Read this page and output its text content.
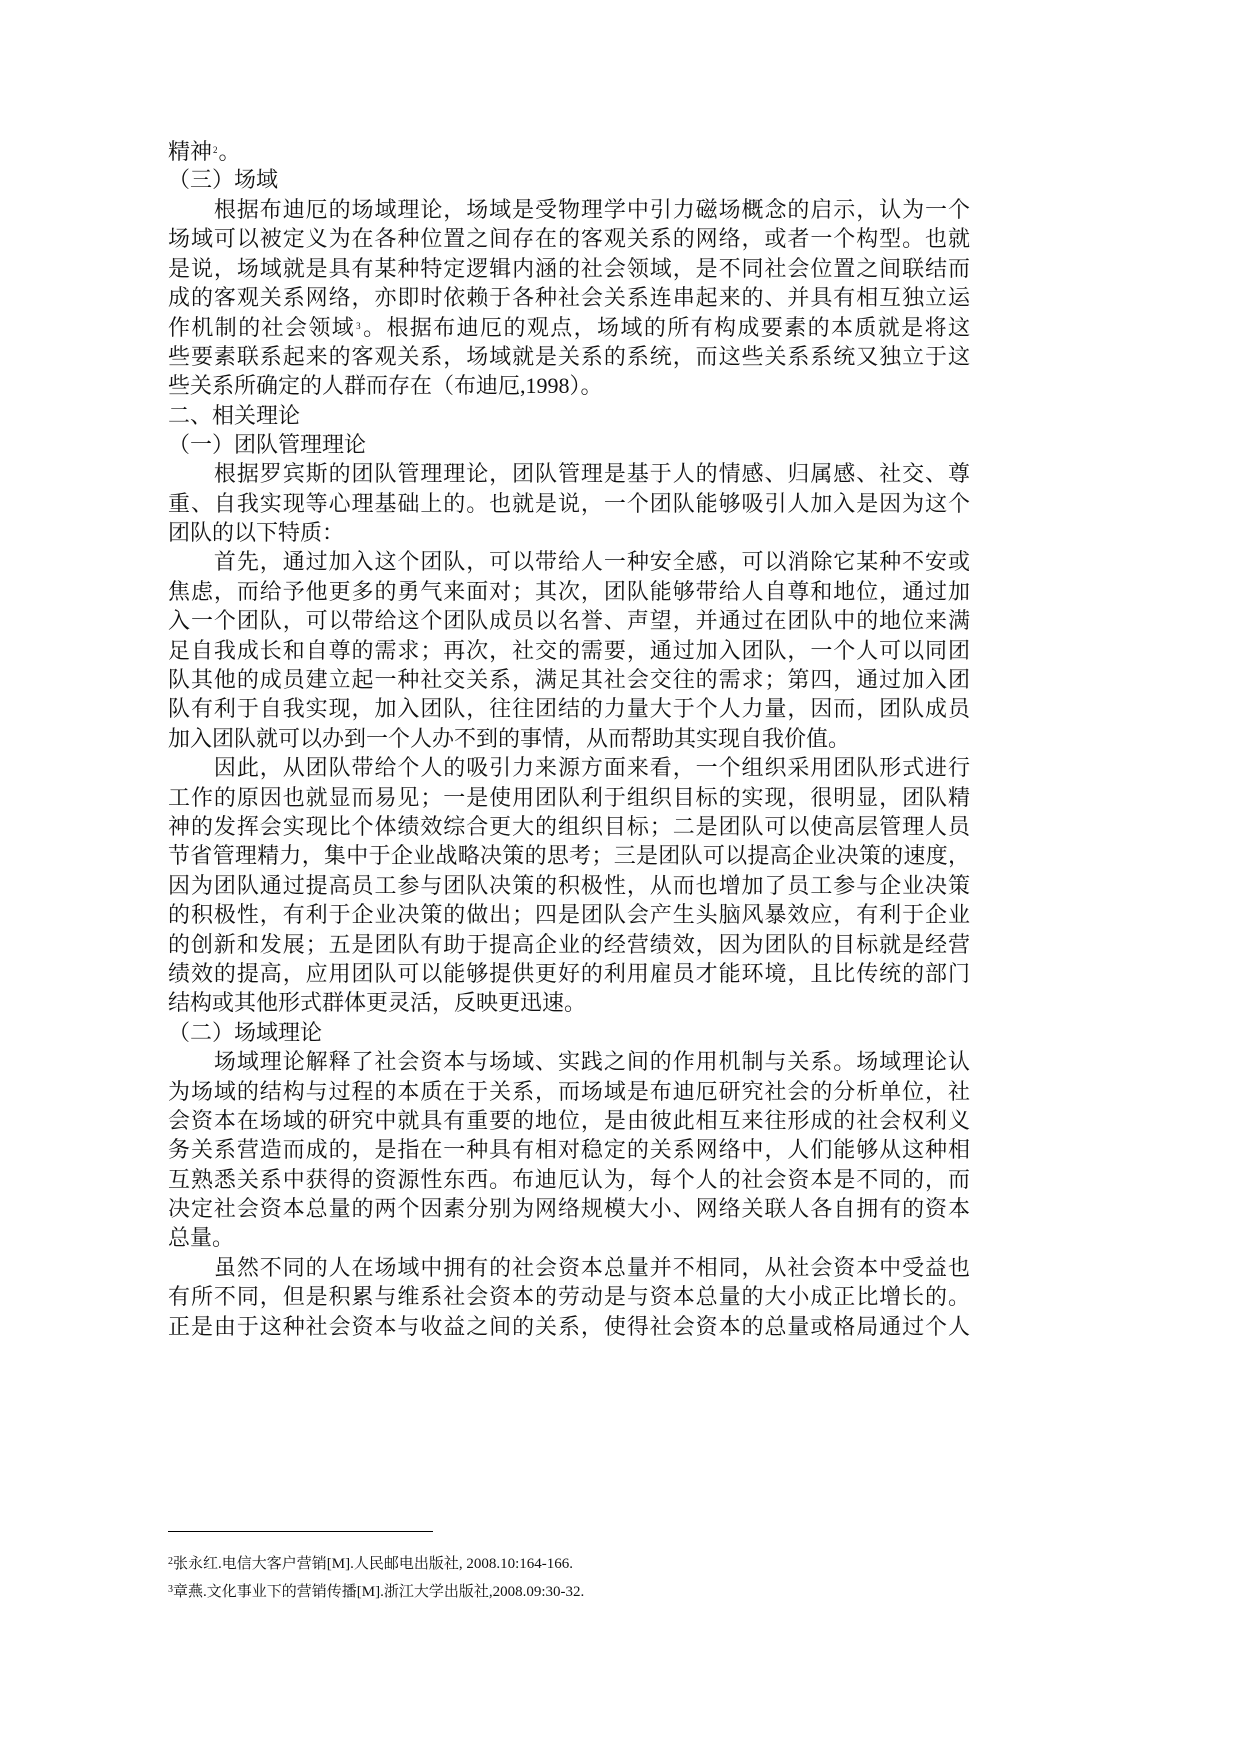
精神$^2$。
（三）场域
　　根据布迪厄的场域理论，场域是受物理学中引力磁场概念的启示，认为一个
场域可以被定义为在各种位置之间存在的客观关系的网络，或者一个构型。也就
是说，场域就是具有某种特定逻辑内涵的社会领域，是不同社会位置之间联结而
成的客观关系网络，亦即时依赖于各种社会关系连串起来的、并具有相互独立运
作机制的社会领域$^3$。根据布迪厄的观点，场域的所有构成要素的本质就是将这
些要素联系起来的客观关系，场域就是关系的系统，而这些关系系统又独立于这
些关系所确定的人群而存在（布迪厄,1998）。
二、相关理论
（一）团队管理理论
　　根据罗宾斯的团队管理理论，团队管理是基于人的情感、归属感、社交、尊
重、自我实现等心理基础上的。也就是说，一个团队能够吸引人加入是因为这个
团队的以下特质：
　　首先，通过加入这个团队，可以带给人一种安全感，可以消除它某种不安或
焦虑，而给予他更多的勇气来面对；其次，团队能够带给人自尊和地位，通过加
入一个团队，可以带给这个团队成员以名誉、声望，并通过在团队中的地位来满
足自我成长和自尊的需求；再次，社交的需要，通过加入团队，一个人可以同团
队其他的成员建立起一种社交关系，满足其社会交往的需求；第四，通过加入团
队有利于自我实现，加入团队，往往团结的力量大于个人力量，因而，团队成员
加入团队就可以办到一个人办不到的事情，从而帮助其实现自我价值。
　　因此，从团队带给个人的吸引力来源方面来看，一个组织采用团队形式进行
工作的原因也就显而易见；一是使用团队利于组织目标的实现，很明显，团队精
神的发挥会实现比个体绩效综合更大的组织目标；二是团队可以使高层管理人员
节省管理精力，集中于企业战略决策的思考；三是团队可以提高企业决策的速度，
因为团队通过提高员工参与团队决策的积极性，从而也增加了员工参与企业决策
的积极性，有利于企业决策的做出；四是团队会产生头脑风暴效应，有利于企业
的创新和发展；五是团队有助于提高企业的经营绩效，因为团队的目标就是经营
绩效的提高，应用团队可以能够提供更好的利用雇员才能环境，且比传统的部门
结构或其他形式群体更灵活，反映更迅速。
（二）场域理论
　　场域理论解释了社会资本与场域、实践之间的作用机制与关系。场域理论认
为场域的结构与过程的本质在于关系，而场域是布迪厄研究社会的分析单位，社
会资本在场域的研究中就具有重要的地位，是由彼此相互来往形成的社会权利义
务关系营造而成的，是指在一种具有相对稳定的关系网络中，人们能够从这种相
互熟悉关系中获得的资源性东西。布迪厄认为，每个人的社会资本是不同的，而
决定社会资本总量的两个因素分别为网络规模大小、网络关联人各自拥有的资本
总量。
　　虽然不同的人在场域中拥有的社会资本总量并不相同，从社会资本中受益也
有所不同，但是积累与维系社会资本的劳动是与资本总量的大小成正比增长的。
正是由于这种社会资本与收益之间的关系，使得社会资本的总量或格局通过个人
$^2$张永红.电信大客户营销[M].人民邮电出版社, 2008.10:164-166.
$^3$章燕.文化事业下的营销传播[M].浙江大学出版社,2008.09:30-32.
